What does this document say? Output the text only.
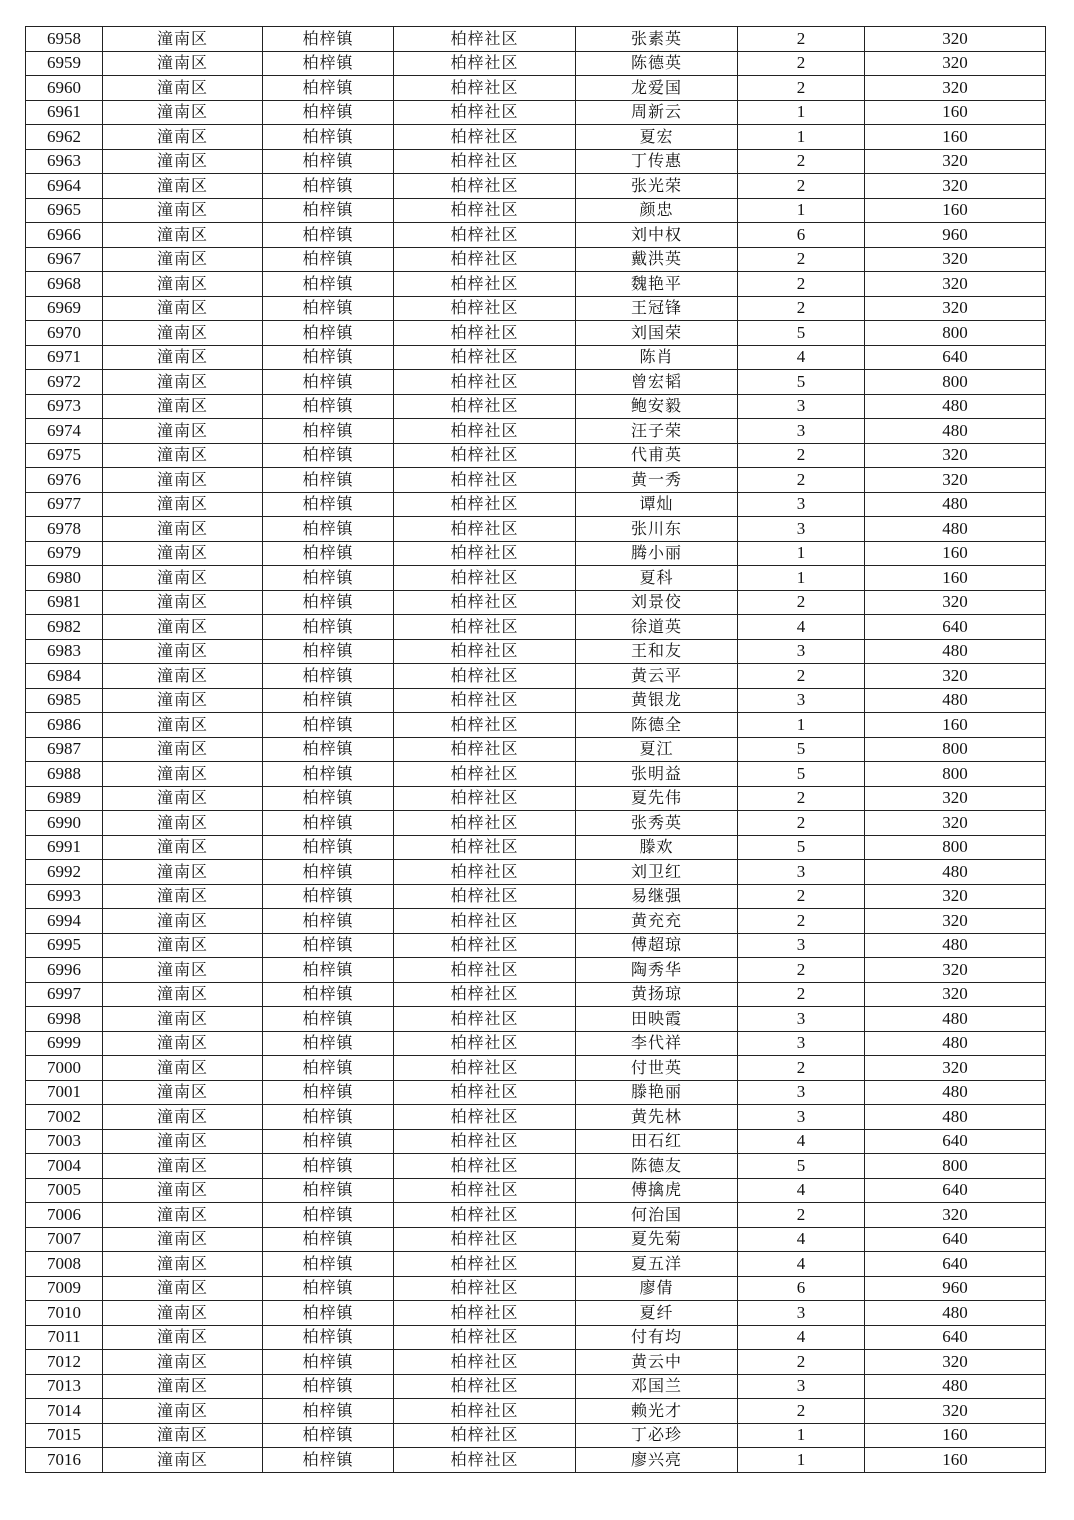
6958	潼南区	柏梓镇	柏梓社区	张素英	2	320
6959	潼南区	柏梓镇	柏梓社区	陈德英	2	320
6960	潼南区	柏梓镇	柏梓社区	龙爱国	2	320
6961	潼南区	柏梓镇	柏梓社区	周新云	1	160
6962	潼南区	柏梓镇	柏梓社区	夏宏	1	160
6963	潼南区	柏梓镇	柏梓社区	丁传惠	2	320
6964	潼南区	柏梓镇	柏梓社区	张光荣	2	320
6965	潼南区	柏梓镇	柏梓社区	颜忠	1	160
6966	潼南区	柏梓镇	柏梓社区	刘中权	6	960
6967	潼南区	柏梓镇	柏梓社区	戴洪英	2	320
6968	潼南区	柏梓镇	柏梓社区	魏艳平	2	320
6969	潼南区	柏梓镇	柏梓社区	王冠锋	2	320
6970	潼南区	柏梓镇	柏梓社区	刘国荣	5	800
6971	潼南区	柏梓镇	柏梓社区	陈肖	4	640
6972	潼南区	柏梓镇	柏梓社区	曾宏韬	5	800
6973	潼南区	柏梓镇	柏梓社区	鲍安毅	3	480
6974	潼南区	柏梓镇	柏梓社区	汪子荣	3	480
6975	潼南区	柏梓镇	柏梓社区	代甫英	2	320
6976	潼南区	柏梓镇	柏梓社区	黄一秀	2	320
6977	潼南区	柏梓镇	柏梓社区	谭灿	3	480
6978	潼南区	柏梓镇	柏梓社区	张川东	3	480
6979	潼南区	柏梓镇	柏梓社区	腾小丽	1	160
6980	潼南区	柏梓镇	柏梓社区	夏科	1	160
6981	潼南区	柏梓镇	柏梓社区	刘景佼	2	320
6982	潼南区	柏梓镇	柏梓社区	徐道英	4	640
6983	潼南区	柏梓镇	柏梓社区	王和友	3	480
6984	潼南区	柏梓镇	柏梓社区	黄云平	2	320
6985	潼南区	柏梓镇	柏梓社区	黄银龙	3	480
6986	潼南区	柏梓镇	柏梓社区	陈德全	1	160
6987	潼南区	柏梓镇	柏梓社区	夏江	5	800
6988	潼南区	柏梓镇	柏梓社区	张明益	5	800
6989	潼南区	柏梓镇	柏梓社区	夏先伟	2	320
6990	潼南区	柏梓镇	柏梓社区	张秀英	2	320
6991	潼南区	柏梓镇	柏梓社区	滕欢	5	800
6992	潼南区	柏梓镇	柏梓社区	刘卫红	3	480
6993	潼南区	柏梓镇	柏梓社区	易继强	2	320
6994	潼南区	柏梓镇	柏梓社区	黄充充	2	320
6995	潼南区	柏梓镇	柏梓社区	傅超琼	3	480
6996	潼南区	柏梓镇	柏梓社区	陶秀华	2	320
6997	潼南区	柏梓镇	柏梓社区	黄扬琼	2	320
6998	潼南区	柏梓镇	柏梓社区	田映霞	3	480
6999	潼南区	柏梓镇	柏梓社区	李代祥	3	480
7000	潼南区	柏梓镇	柏梓社区	付世英	2	320
7001	潼南区	柏梓镇	柏梓社区	滕艳丽	3	480
7002	潼南区	柏梓镇	柏梓社区	黄先林	3	480
7003	潼南区	柏梓镇	柏梓社区	田石红	4	640
7004	潼南区	柏梓镇	柏梓社区	陈德友	5	800
7005	潼南区	柏梓镇	柏梓社区	傅擒虎	4	640
7006	潼南区	柏梓镇	柏梓社区	何治国	2	320
7007	潼南区	柏梓镇	柏梓社区	夏先菊	4	640
7008	潼南区	柏梓镇	柏梓社区	夏五洋	4	640
7009	潼南区	柏梓镇	柏梓社区	廖倩	6	960
7010	潼南区	柏梓镇	柏梓社区	夏纤	3	480
7011	潼南区	柏梓镇	柏梓社区	付有均	4	640
7012	潼南区	柏梓镇	柏梓社区	黄云中	2	320
7013	潼南区	柏梓镇	柏梓社区	邓国兰	3	480
7014	潼南区	柏梓镇	柏梓社区	赖光才	2	320
7015	潼南区	柏梓镇	柏梓社区	丁必珍	1	160
7016	潼南区	柏梓镇	柏梓社区	廖兴亮	1	160
